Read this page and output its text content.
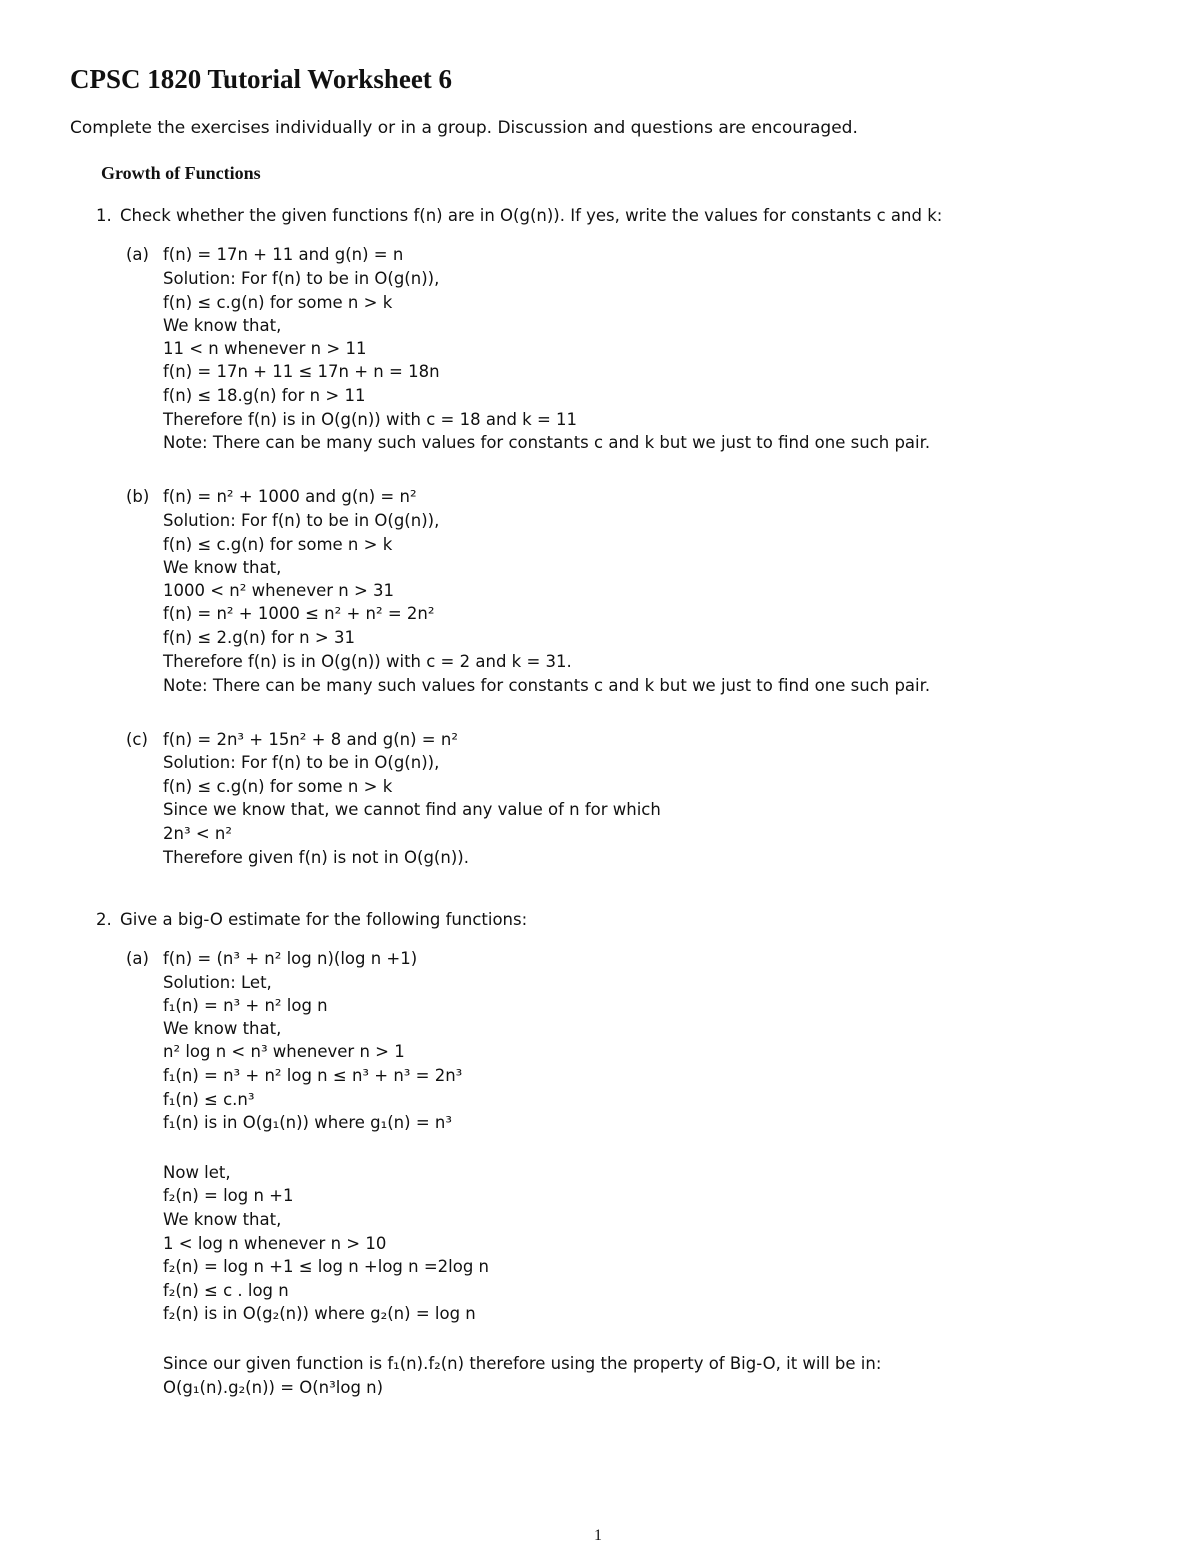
CPSC 1820 Tutorial Worksheet 6
Complete the exercises individually or in a group. Discussion and questions are encouraged.
Growth of Functions
1. Check whether the given functions f(n) are in O(g(n)). If yes, write the values for constants c and k:
(a) f(n) = 17n + 11 and g(n) = n
Solution: For f(n) to be in O(g(n)),
f(n) ≤ c.g(n) for some n > k
We know that,
11 < n whenever n > 11
f(n) = 17n + 11 ≤ 17n + n = 18n
f(n) ≤ 18.g(n) for n > 11
Therefore f(n) is in O(g(n)) with c = 18 and k = 11
Note: There can be many such values for constants c and k but we just to find one such pair.
(b) f(n) = n² + 1000 and g(n) = n²
Solution: For f(n) to be in O(g(n)),
f(n) ≤ c.g(n) for some n > k
We know that,
1000 < n² whenever n > 31
f(n) = n² + 1000 ≤ n² + n² = 2n²
f(n) ≤ 2.g(n) for n > 31
Therefore f(n) is in O(g(n)) with c = 2 and k = 31.
Note: There can be many such values for constants c and k but we just to find one such pair.
(c) f(n) = 2n³ + 15n² + 8 and g(n) = n²
Solution: For f(n) to be in O(g(n)),
f(n) ≤ c.g(n) for some n > k
Since we know that, we cannot find any value of n for which
2n³ < n²
Therefore given f(n) is not in O(g(n)).
2. Give a big-O estimate for the following functions:
(a) f(n) = (n³ + n² log n)(log n +1)
Solution: Let,
f₁(n) = n³ + n² log n
We know that,
n² log n < n³ whenever n > 1
f₁(n) = n³ + n² log n ≤ n³ + n³ = 2n³
f₁(n) ≤ c.n³
f₁(n) is in O(g₁(n)) where g₁(n) = n³
Now let,
f₂(n) = log n +1
We know that,
1 < log n whenever n > 10
f₂(n) = log n +1 ≤ log n +log n =2log n
f₂(n) ≤ c . log n
f₂(n) is in O(g₂(n)) where g₂(n) = log n
Since our given function is f₁(n).f₂(n) therefore using the property of Big-O, it will be in:
O(g₁(n).g₂(n)) = O(n³log n)
1
